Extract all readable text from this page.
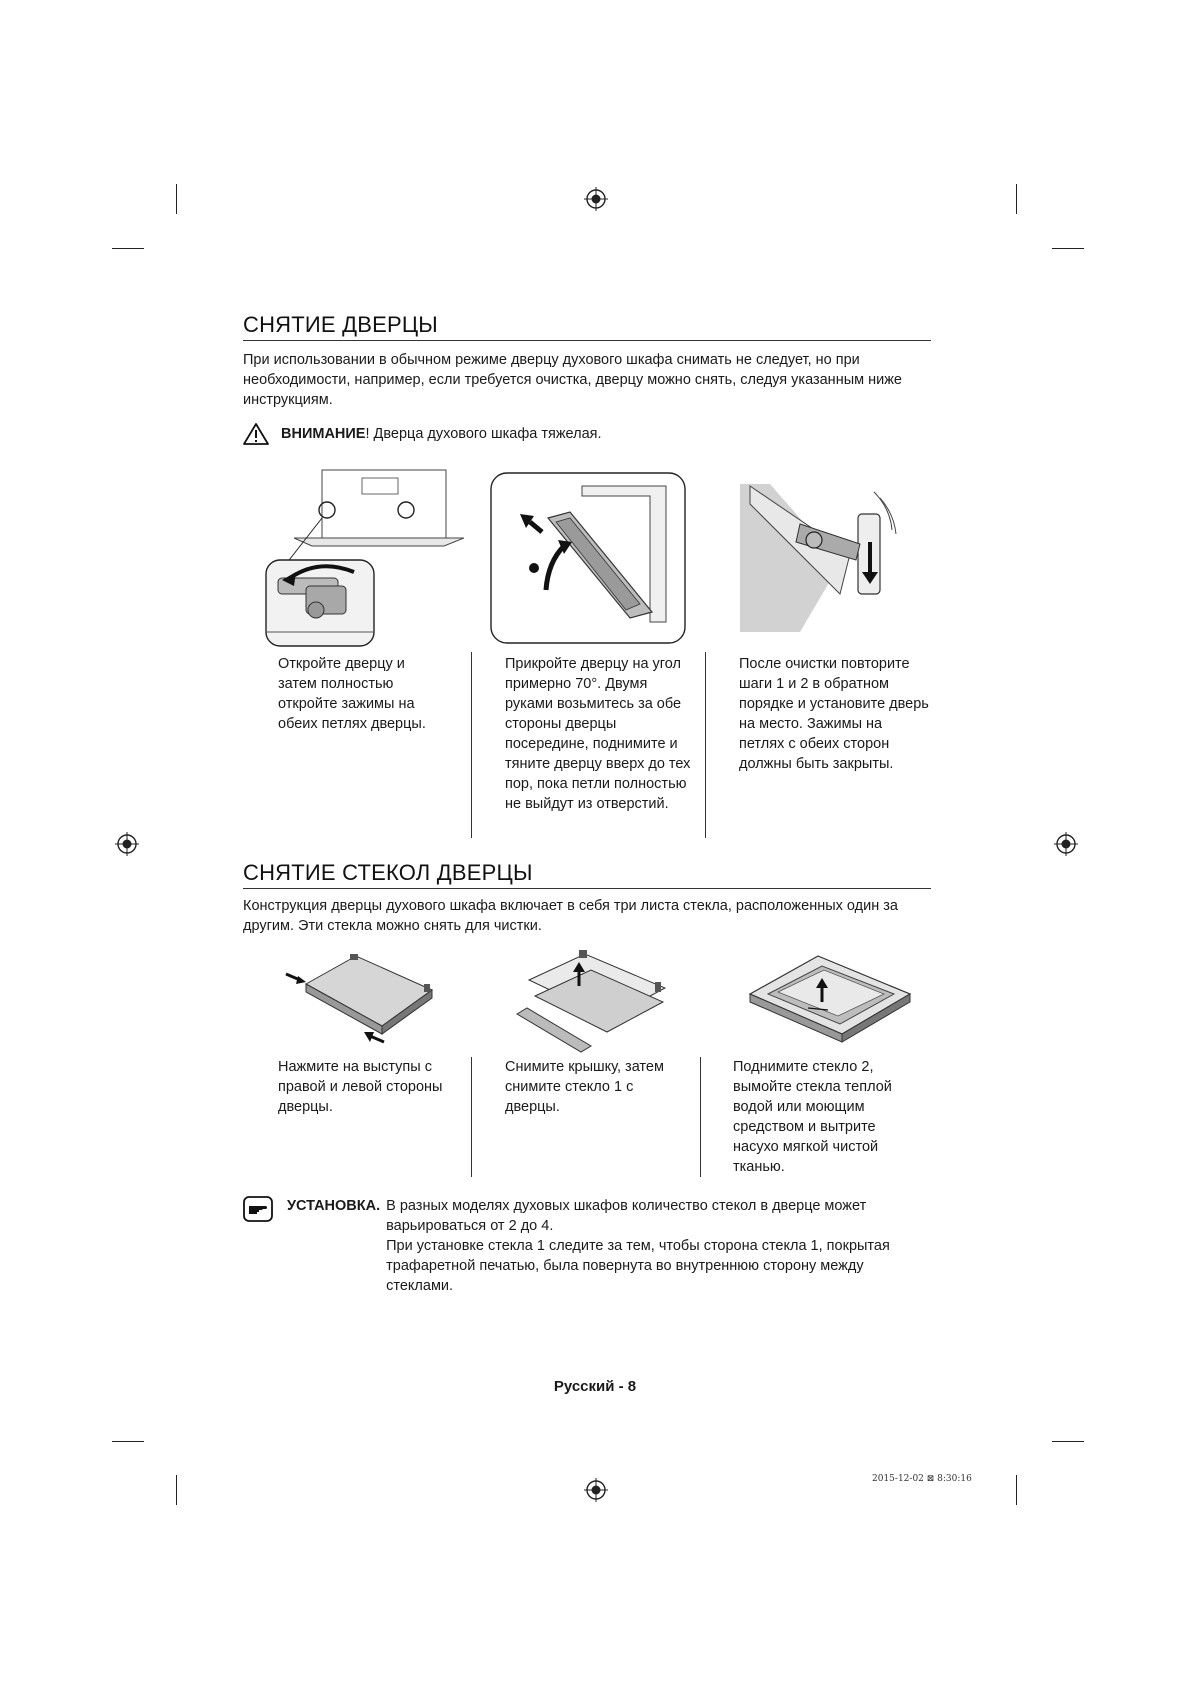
СНЯТИЕ ДВЕРЦЫ

При использовании в обычном режиме дверцу духового шкафа снимать не следует, но при необходимости, например, если требуется очистка, дверцу можно снять, следуя указанным ниже инструкциям.

ВНИМАНИЕ ! Дверца духового шкафа тяжелая.

Откройте дверцу и затем полностью откройте зажимы на обеих петлях дверцы.

Прикройте дверцу на угол примерно 70°. Двумя руками возьмитесь за обе стороны дверцы посередине, поднимите и тяните дверцу вверх до тех пор, пока петли полностью не выйдут из отверстий.

После очистки повторите шаги 1 и 2 в обратном порядке и установите дверь на место. Зажимы на петлях с обеих сторон должны быть закрыты.

СНЯТИЕ СТЕКОЛ ДВЕРЦЫ

Конструкция дверцы духового шкафа включает в себя три листа стекла, расположенных один за другим. Эти стекла можно снять для чистки.

Нажмите на выступы с правой и левой стороны дверцы.

Снимите крышку, затем снимите стекло 1 с дверцы.

Поднимите стекло 2, вымойте стекла теплой водой или моющим средством и вытрите насухо мягкой чистой тканью.

УСТАНОВКА. В разных моделях духовых шкафов количество стекол в дверце может варьироваться от 2 до 4.

При установке стекла 1 следите за тем, чтобы сторона стекла 1, покрытая трафаретной печатью, была повернута во внутреннюю сторону между стеклами.

Русский - 8
2015-12-02 ⊠ 8:30:16
